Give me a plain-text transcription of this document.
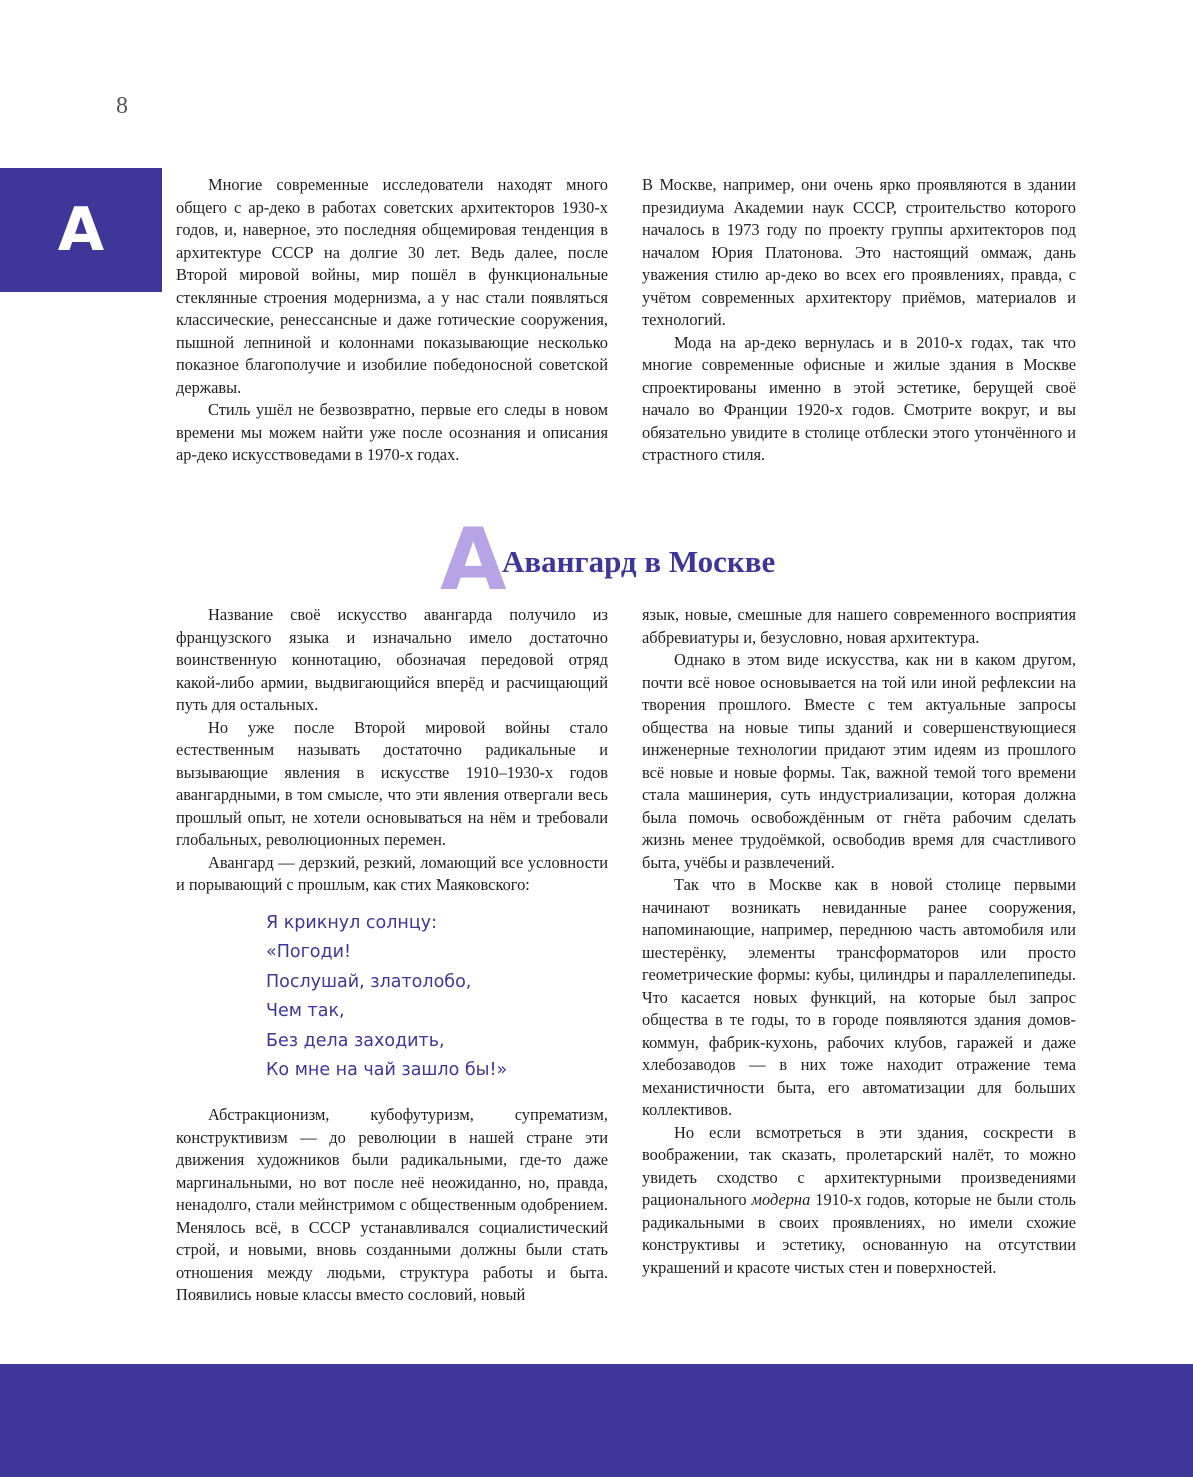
8
А

Многие современные исследователи находят много общего с ар-деко в работах советских архитекторов 1930-х годов, и, наверное, это последняя общемировая тенденция в архитектуре СССР на долгие 30 лет. Ведь далее, после Второй мировой войны, мир пошёл в функциональные стеклянные строения модернизма, а у нас стали появляться классические, ренессансные и даже готические сооружения, пышной лепниной и колоннами показывающие несколько показное благополучие и изобилие победоносной советской державы.

Стиль ушёл не безвозвратно, первые его следы в новом времени мы можем найти уже после осознания и описания ар-деко искусствоведами в 1970-х годах.

В Москве, например, они очень ярко проявляются в здании президиума Академии наук СССР, строительство которого началось в 1973 году по проекту группы архитекторов под началом Юрия Платонова. Это настоящий оммаж, дань уважения стилю ар-деко во всех его проявлениях, правда, с учётом современных архитектору приёмов, материалов и технологий.

Мода на ар-деко вернулась и в 2010-х годах, так что многие современные офисные и жилые здания в Москве спроектированы именно в этой эстетике, берущей своё начало во Франции 1920-х годов. Смотрите вокруг, и вы обязательно увидите в столице отблески этого утончённого и страстного стиля.

А
Авангард в Москве

Название своё искусство авангарда получило из французского языка и изначально имело достаточно воинственную коннотацию, обозначая передовой отряд какой-либо армии, выдвигающийся вперёд и расчищающий путь для остальных.

Но уже после Второй мировой войны стало естественным называть достаточно радикальные и вызывающие явления в искусстве 1910–1930-х годов авангардными, в том смысле, что эти явления отвергали весь прошлый опыт, не хотели основываться на нём и требовали глобальных, революционных перемен.

Авангард — дерзкий, резкий, ломающий все условности и порывающий с прошлым, как стих Маяковского:

Я крикнул солнцу:
«Погоди!
Послушай, златолобо,
Чем так,
Без дела заходить,
Ко мне на чай зашло бы!»

Абстракционизм, кубофутуризм, супрематизм, конструктивизм — до революции в нашей стране эти движения художников были радикальными, где-то даже маргинальными, но вот после неё неожиданно, но, правда, ненадолго, стали мейнстримом с общественным одобрением. Менялось всё, в СССР устанавливался социалистический строй, и новыми, вновь созданными должны были стать отношения между людьми, структура работы и быта. Появились новые классы вместо сословий, новый

язык, новые, смешные для нашего современного восприятия аббревиатуры и, безусловно, новая архитектура.

Однако в этом виде искусства, как ни в каком другом, почти всё новое основывается на той или иной рефлексии на творения прошлого. Вместе с тем актуальные запросы общества на новые типы зданий и совершенствующиеся инженерные технологии придают этим идеям из прошлого всё новые и новые формы. Так, важной темой того времени стала машинерия, суть индустриализации, которая должна была помочь освобождённым от гнёта рабочим сделать жизнь менее трудоёмкой, освободив время для счастливого быта, учёбы и развлечений.

Так что в Москве как в новой столице первыми начинают возникать невиданные ранее сооружения, напоминающие, например, переднюю часть автомобиля или шестерёнку, элементы трансформаторов или просто геометрические формы: кубы, цилиндры и параллелепипеды. Что касается новых функций, на которые был запрос общества в те годы, то в городе появляются здания домов-коммун, фабрик-кухонь, рабочих клубов, гаражей и даже хлебозаводов — в них тоже находит отражение тема механистичности быта, его автоматизации для больших коллективов.

Но если всмотреться в эти здания, соскрести в воображении, так сказать, пролетарский налёт, то можно увидеть сходство с архитектурными произведениями рационального модерна 1910-х годов, которые не были столь радикальными в своих проявлениях, но имели схожие конструктивы и эстетику, основанную на отсутствии украшений и красоте чистых стен и поверхностей.
